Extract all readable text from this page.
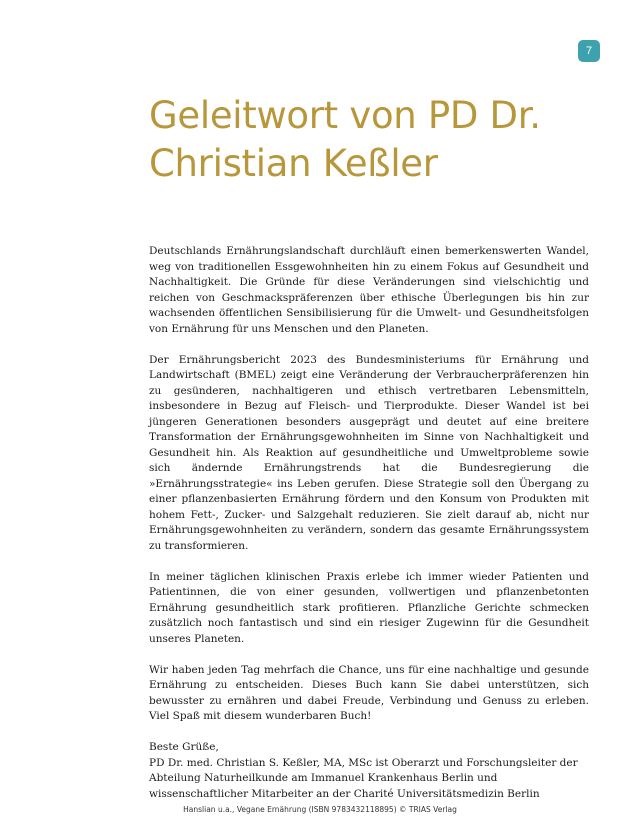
7
Geleitwort von PD Dr. Christian Keßler

Deutschlands Ernährungslandschaft durchläuft einen bemerkenswerten Wandel, weg von traditionellen Essgewohnheiten hin zu einem Fokus auf Gesundheit und Nachhaltigkeit. Die Gründe für diese Veränderungen sind vielschichtig und reichen von Geschmackspräferenzen über ethische Überlegungen bis hin zur wachsenden öffentlichen Sensibilisierung für die Umwelt- und Gesundheitsfolgen von Ernährung für uns Menschen und den Planeten.

Der Ernährungsbericht 2023 des Bundesministeriums für Ernährung und Landwirtschaft (BMEL) zeigt eine Veränderung der Verbraucherpräferenzen hin zu gesünderen, nachhaltigeren und ethisch vertretbaren Lebensmitteln, insbesondere in Bezug auf Fleisch- und Tierprodukte. Dieser Wandel ist bei jüngeren Generationen besonders ausgeprägt und deutet auf eine breitere Transformation der Ernährungsgewohnheiten im Sinne von Nachhaltigkeit und Gesundheit hin. Als Reaktion auf gesundheitliche und Umweltprobleme sowie sich ändernde Ernährungstrends hat die Bundesregierung die »Ernährungsstrategie« ins Leben gerufen. Diese Strategie soll den Übergang zu einer pflanzenbasierten Ernährung fördern und den Konsum von Produkten mit hohem Fett-, Zucker- und Salzgehalt reduzieren. Sie zielt darauf ab, nicht nur Ernährungsgewohnheiten zu verändern, sondern das gesamte Ernährungssystem zu transformieren.

In meiner täglichen klinischen Praxis erlebe ich immer wieder Patienten und Patientinnen, die von einer gesunden, vollwertigen und pflanzenbetonten Ernährung gesundheitlich stark profitieren. Pflanzliche Gerichte schmecken zusätzlich noch fantastisch und sind ein riesiger Zugewinn für die Gesundheit unseres Planeten.

Wir haben jeden Tag mehrfach die Chance, uns für eine nachhaltige und gesunde Ernährung zu entscheiden. Dieses Buch kann Sie dabei unterstützen, sich bewusster zu ernähren und dabei Freude, Verbindung und Genuss zu erleben. Viel Spaß mit diesem wunderbaren Buch!

Beste Grüße,
PD Dr. med. Christian S. Keßler, MA, MSc ist Oberarzt und Forschungsleiter der Abteilung Naturheilkunde am Immanuel Krankenhaus Berlin und wissenschaftlicher Mitarbeiter an der Charité Universitätsmedizin Berlin
Hanslian u.a., Vegane Ernährung (ISBN 9783432118895) © TRIAS Verlag
